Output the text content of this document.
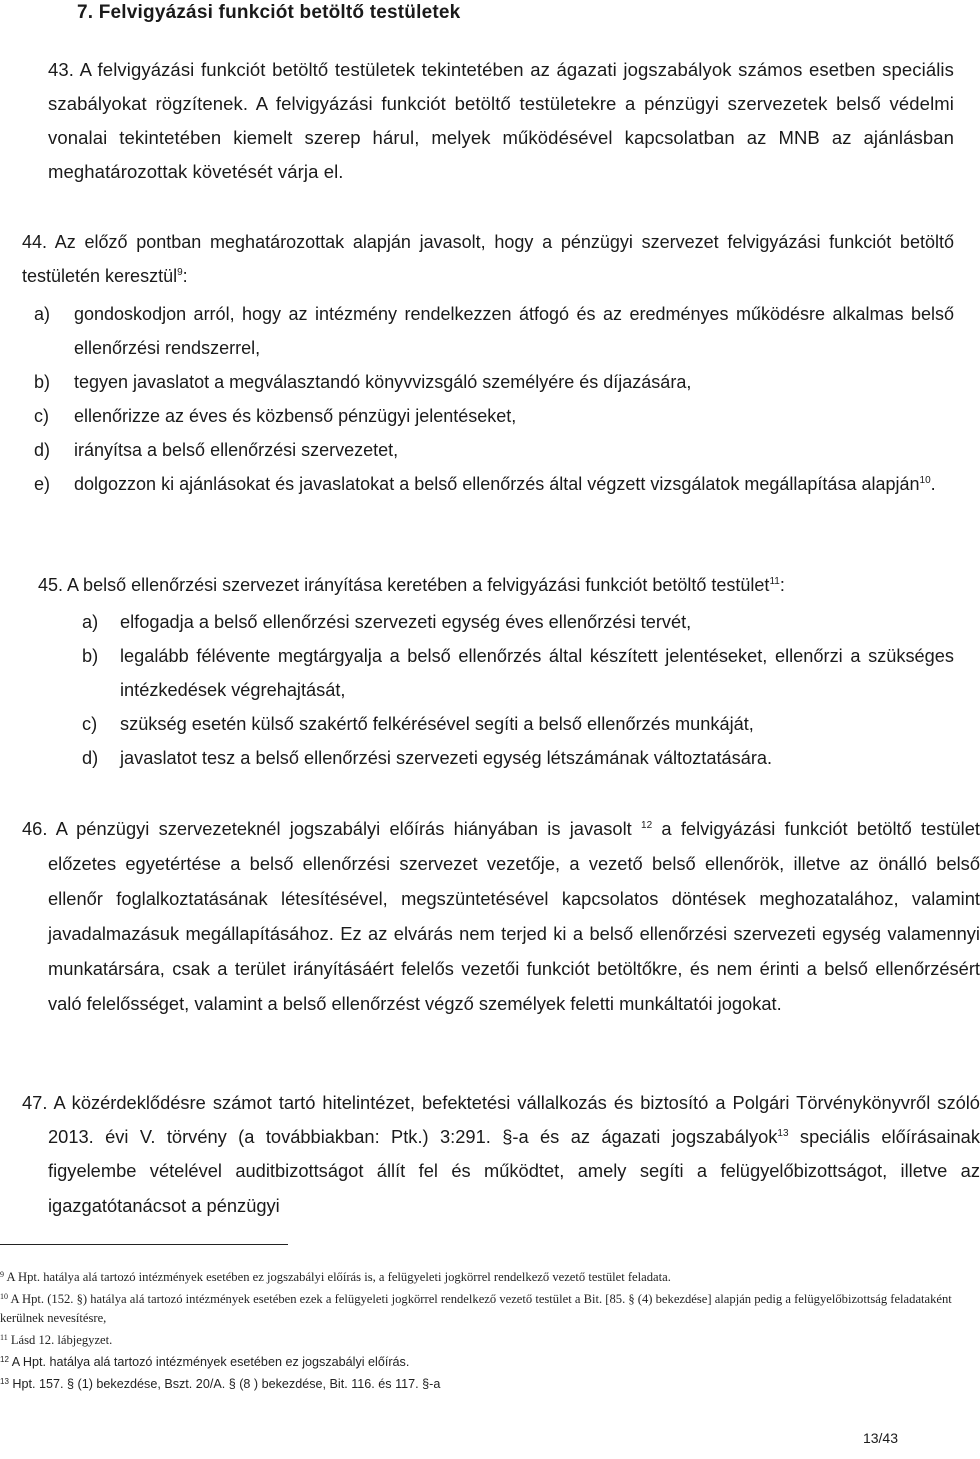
7. Felvigyázási funkciót betöltő testületek

43. A felvigyázási funkciót betöltő testületek tekintetében az ágazati jogszabályok számos esetben speciális szabályokat rögzítenek. A felvigyázási funkciót betöltő testületekre a pénzügyi szervezetek belső védelmi vonalai tekintetében kiemelt szerep hárul, melyek működésével kapcsolatban az MNB az ajánlásban meghatározottak követését várja el.

44. Az előző pontban meghatározottak alapján javasolt, hogy a pénzügyi szervezet felvigyázási funkciót betöltő testületén keresztül$^9$:

a) gondoskodjon arról, hogy az intézmény rendelkezzen átfogó és az eredményes működésre alkalmas belső ellenőrzési rendszerrel,
b) tegyen javaslatot a megválasztandó könyvvizsgáló személyére és díjazására,
c) ellenőrizze az éves és közbenső pénzügyi jelentéseket,
d) irányítsa a belső ellenőrzési szervezetet,
e) dolgozzon ki ajánlásokat és javaslatokat a belső ellenőrzés által végzett vizsgálatok megállapítása alapján$^{10}$.

45. A belső ellenőrzési szervezet irányítása keretében a felvigyázási funkciót betöltő testület$^{11}$:

a) elfogadja a belső ellenőrzési szervezeti egység éves ellenőrzési tervét,
b) legalább félévente megtárgyalja a belső ellenőrzés által készített jelentéseket, ellenőrzi a szükséges intézkedések végrehajtását,
c) szükség esetén külső szakértő felkérésével segíti a belső ellenőrzés munkáját,
d) javaslatot tesz a belső ellenőrzési szervezeti egység létszámának változtatására.

46. A pénzügyi szervezeteknél jogszabályi előírás hiányában is javasolt $^{12}$ a felvigyázási funkciót betöltő testület előzetes egyetértése a belső ellenőrzési szervezet vezetője, a vezető belső ellenőrök, illetve az önálló belső ellenőr foglalkoztatásának létesítésével, megszüntetésével kapcsolatos döntések meghozatalához, valamint javadalmazásuk megállapításához. Ez az elvárás nem terjed ki a belső ellenőrzési szervezeti egység valamennyi munkatársára, csak a terület irányításáért felelős vezetői funkciót betöltőkre, és nem érinti a belső ellenőrzésért való felelősséget, valamint a belső ellenőrzést végző személyek feletti munkáltatói jogokat.

47. A közérdeklődésre számot tartó hitelintézet, befektetési vállalkozás és biztosító a Polgári Törvénykönyvről szóló 2013. évi V. törvény (a továbbiakban: Ptk.) 3:291. §-a és az ágazati jogszabályok$^{13}$ speciális előírásainak figyelembe vételével auditbizottságot állít fel és működtet, amely segíti a felügyelőbizottságot, illetve az igazgatótanácsot a pénzügyi

$^9$ A Hpt. hatálya alá tartozó intézmények esetében ez jogszabályi előírás is, a felügyeleti jogkörrel rendelkező vezető testület feladata.

$^{10}$ A Hpt. (152. §) hatálya alá tartozó intézmények esetében ezek a felügyeleti jogkörrel rendelkező vezető testület a Bit. [85. § (4) bekezdése] alapján pedig a felügyelőbizottság feladataként kerülnek nevesítésre,

$^{11}$ Lásd 12. lábjegyzet.

$^{12}$ A Hpt. hatálya alá tartozó intézmények esetében ez jogszabályi előírás.

$^{13}$ Hpt. 157. § (1) bekezdése, Bszt. 20/A. § (8 ) bekezdése, Bit. 116. és 117. §-a

13/43
